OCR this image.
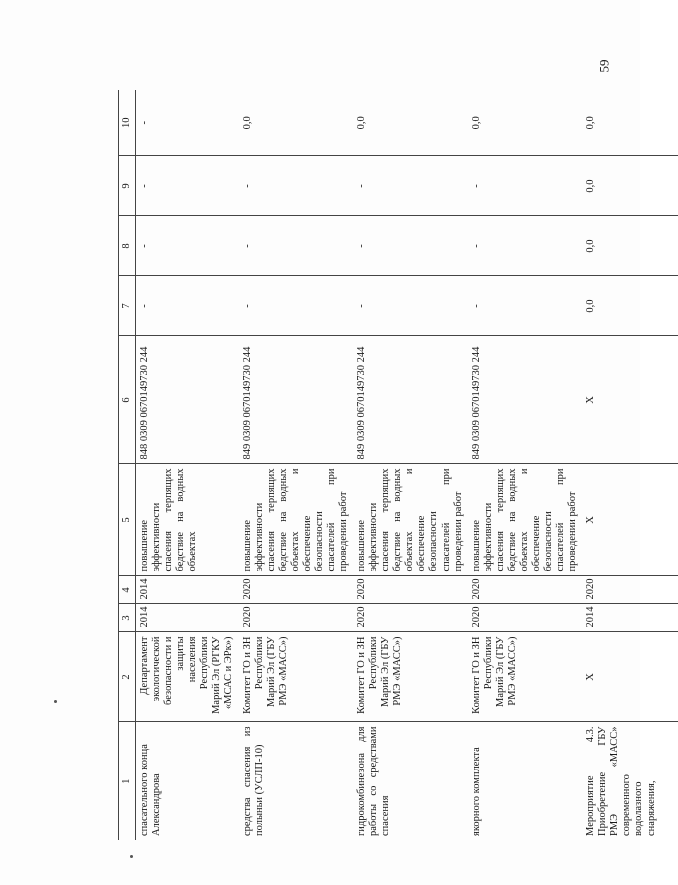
59
1	2	3	4	5	6	7	8	9	10
спасательного конца Александрова	Департамент экологической безопасности и защиты населения Республики Марий Эл (РГКУ «МСАС и ЭРк»)	2014	2014	повышение эффективности спасения терпящих бедствие на водных объектах	848 0309 0670149730 244	-	-	-	-
средства спасения из полыньи (УСЛП-10)	Комитет ГО и ЗН Республики Марий Эл (ГБУ РМЭ «МАСС»)	2020	2020	повышение эффективности спасения терпящих бедствие на водных объектах и обеспечение безопасности спасателей при проведении работ	849 0309 0670149730 244	-	-	-	0,0
гидрокомбинезона для работы со средствами спасения	Комитет ГО и ЗН Республики Марий Эл (ГБУ РМЭ «МАСС»)	2020	2020	повышение эффективности спасения терпящих бедствие на водных объектах и обеспечение безопасности спасателей при проведении работ	849 0309 0670149730 244	-	-	-	0,0
якорного комплекта	Комитет ГО и ЗН Республики Марий Эл (ГБУ РМЭ «МАСС»)	2020	2020	повышение эффективности спасения терпящих бедствие на водных объектах и обеспечение безопасности спасателей при проведении работ	849 0309 0670149730 244	-	-	-	0,0
Мероприятие 4.3. Приобретение ГБУ РМЭ «МАСС» современного водолазного снаряжения,	Х	2014	2020	Х	Х	0,0	0,0	0,0	0,0
